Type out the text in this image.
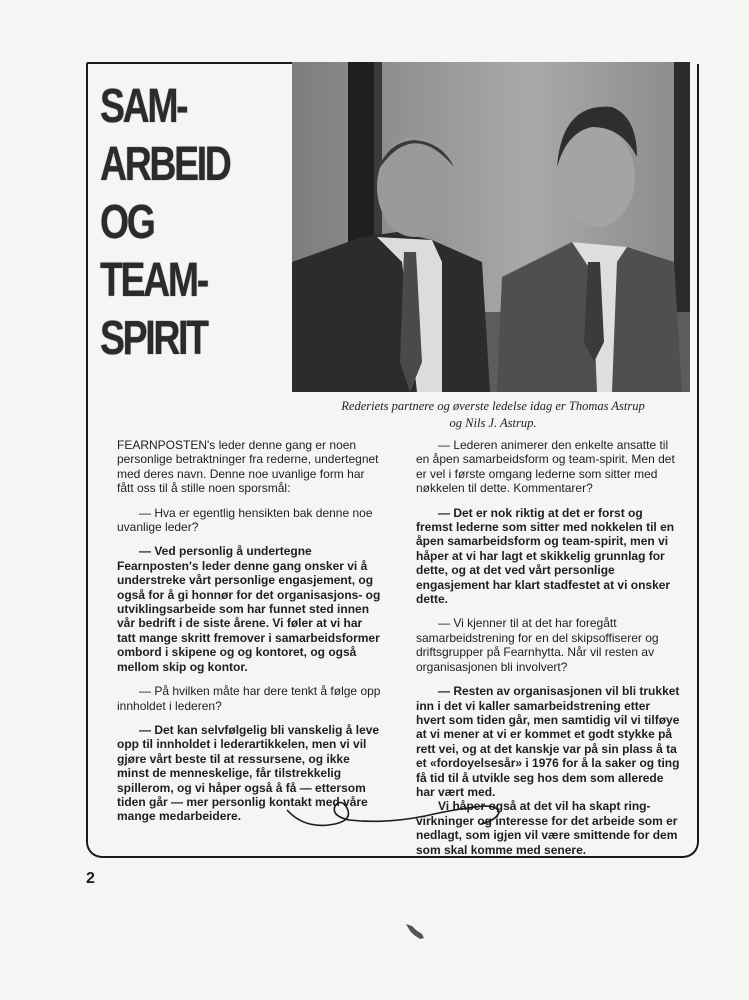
SAM-
ARBEID
OG
TEAM-
SPIRIT
Rederiets partnere og øverste ledelse idag er Thomas Astrup
og Nils J. Astrup.

FEARNPOSTEN's leder denne gang er noen personlige betraktninger fra rederne, undertegnet med deres navn. Denne noe uvanlige form har fått oss til å stille noen sporsmål:

— Hva er egentlig hensikten bak denne noe uvanlige leder?

— Ved personlig å undertegne Fearnposten's leder denne gang onsker vi å understreke vårt personlige engasjement, og også for å gi honnør for det organisasjons- og utviklingsarbeide som har funnet sted innen vår bedrift i de siste årene. Vi føler at vi har tatt mange skritt fremover i samarbeidsformer ombord i skipene og og kontoret, og også mellom skip og kontor.

— På hvilken måte har dere tenkt å følge opp innholdet i lederen?

— Det kan selvfølgelig bli vanskelig å leve opp til innholdet i lederartikkelen, men vi vil gjøre vårt beste til at ressursene, og ikke minst de menneskelige, får tilstrekkelig spillerom, og vi håper også å få — ettersom tiden går — mer personlig kontakt med våre mange medarbeidere.

— Lederen animerer den enkelte ansatte til en åpen samarbeidsform og team-spirit. Men det er vel i første omgang lederne som sitter med nøkkelen til dette. Kommentarer?

— Det er nok riktig at det er forst og fremst lederne som sitter med nokkelen til en åpen samarbeidsform og team-spirit, men vi håper at vi har lagt et skikkelig grunnlag for dette, og at det ved vårt personlige engasjement har klart stadfestet at vi onsker dette.

— Vi kjenner til at det har foregått samarbeidstrening for en del skipsoffiserer og driftsgrupper på Fearnhytta. Når vil resten av organisasjonen bli involvert?

— Resten av organisasjonen vil bli trukket inn i det vi kaller samarbeidstrening etter hvert som tiden går, men samtidig vil vi tilføye at vi mener at vi er kommet et godt stykke på rett vei, og at det kanskje var på sin plass å ta et «fordoyelsesår» i 1976 for å la saker og ting få tid til å utvikle seg hos dem som allerede har vært med.

Vi håper også at det vil ha skapt ring-virkninger og interesse for det arbeide som er nedlagt, som igjen vil være smittende for dem som skal komme med senere.

2
